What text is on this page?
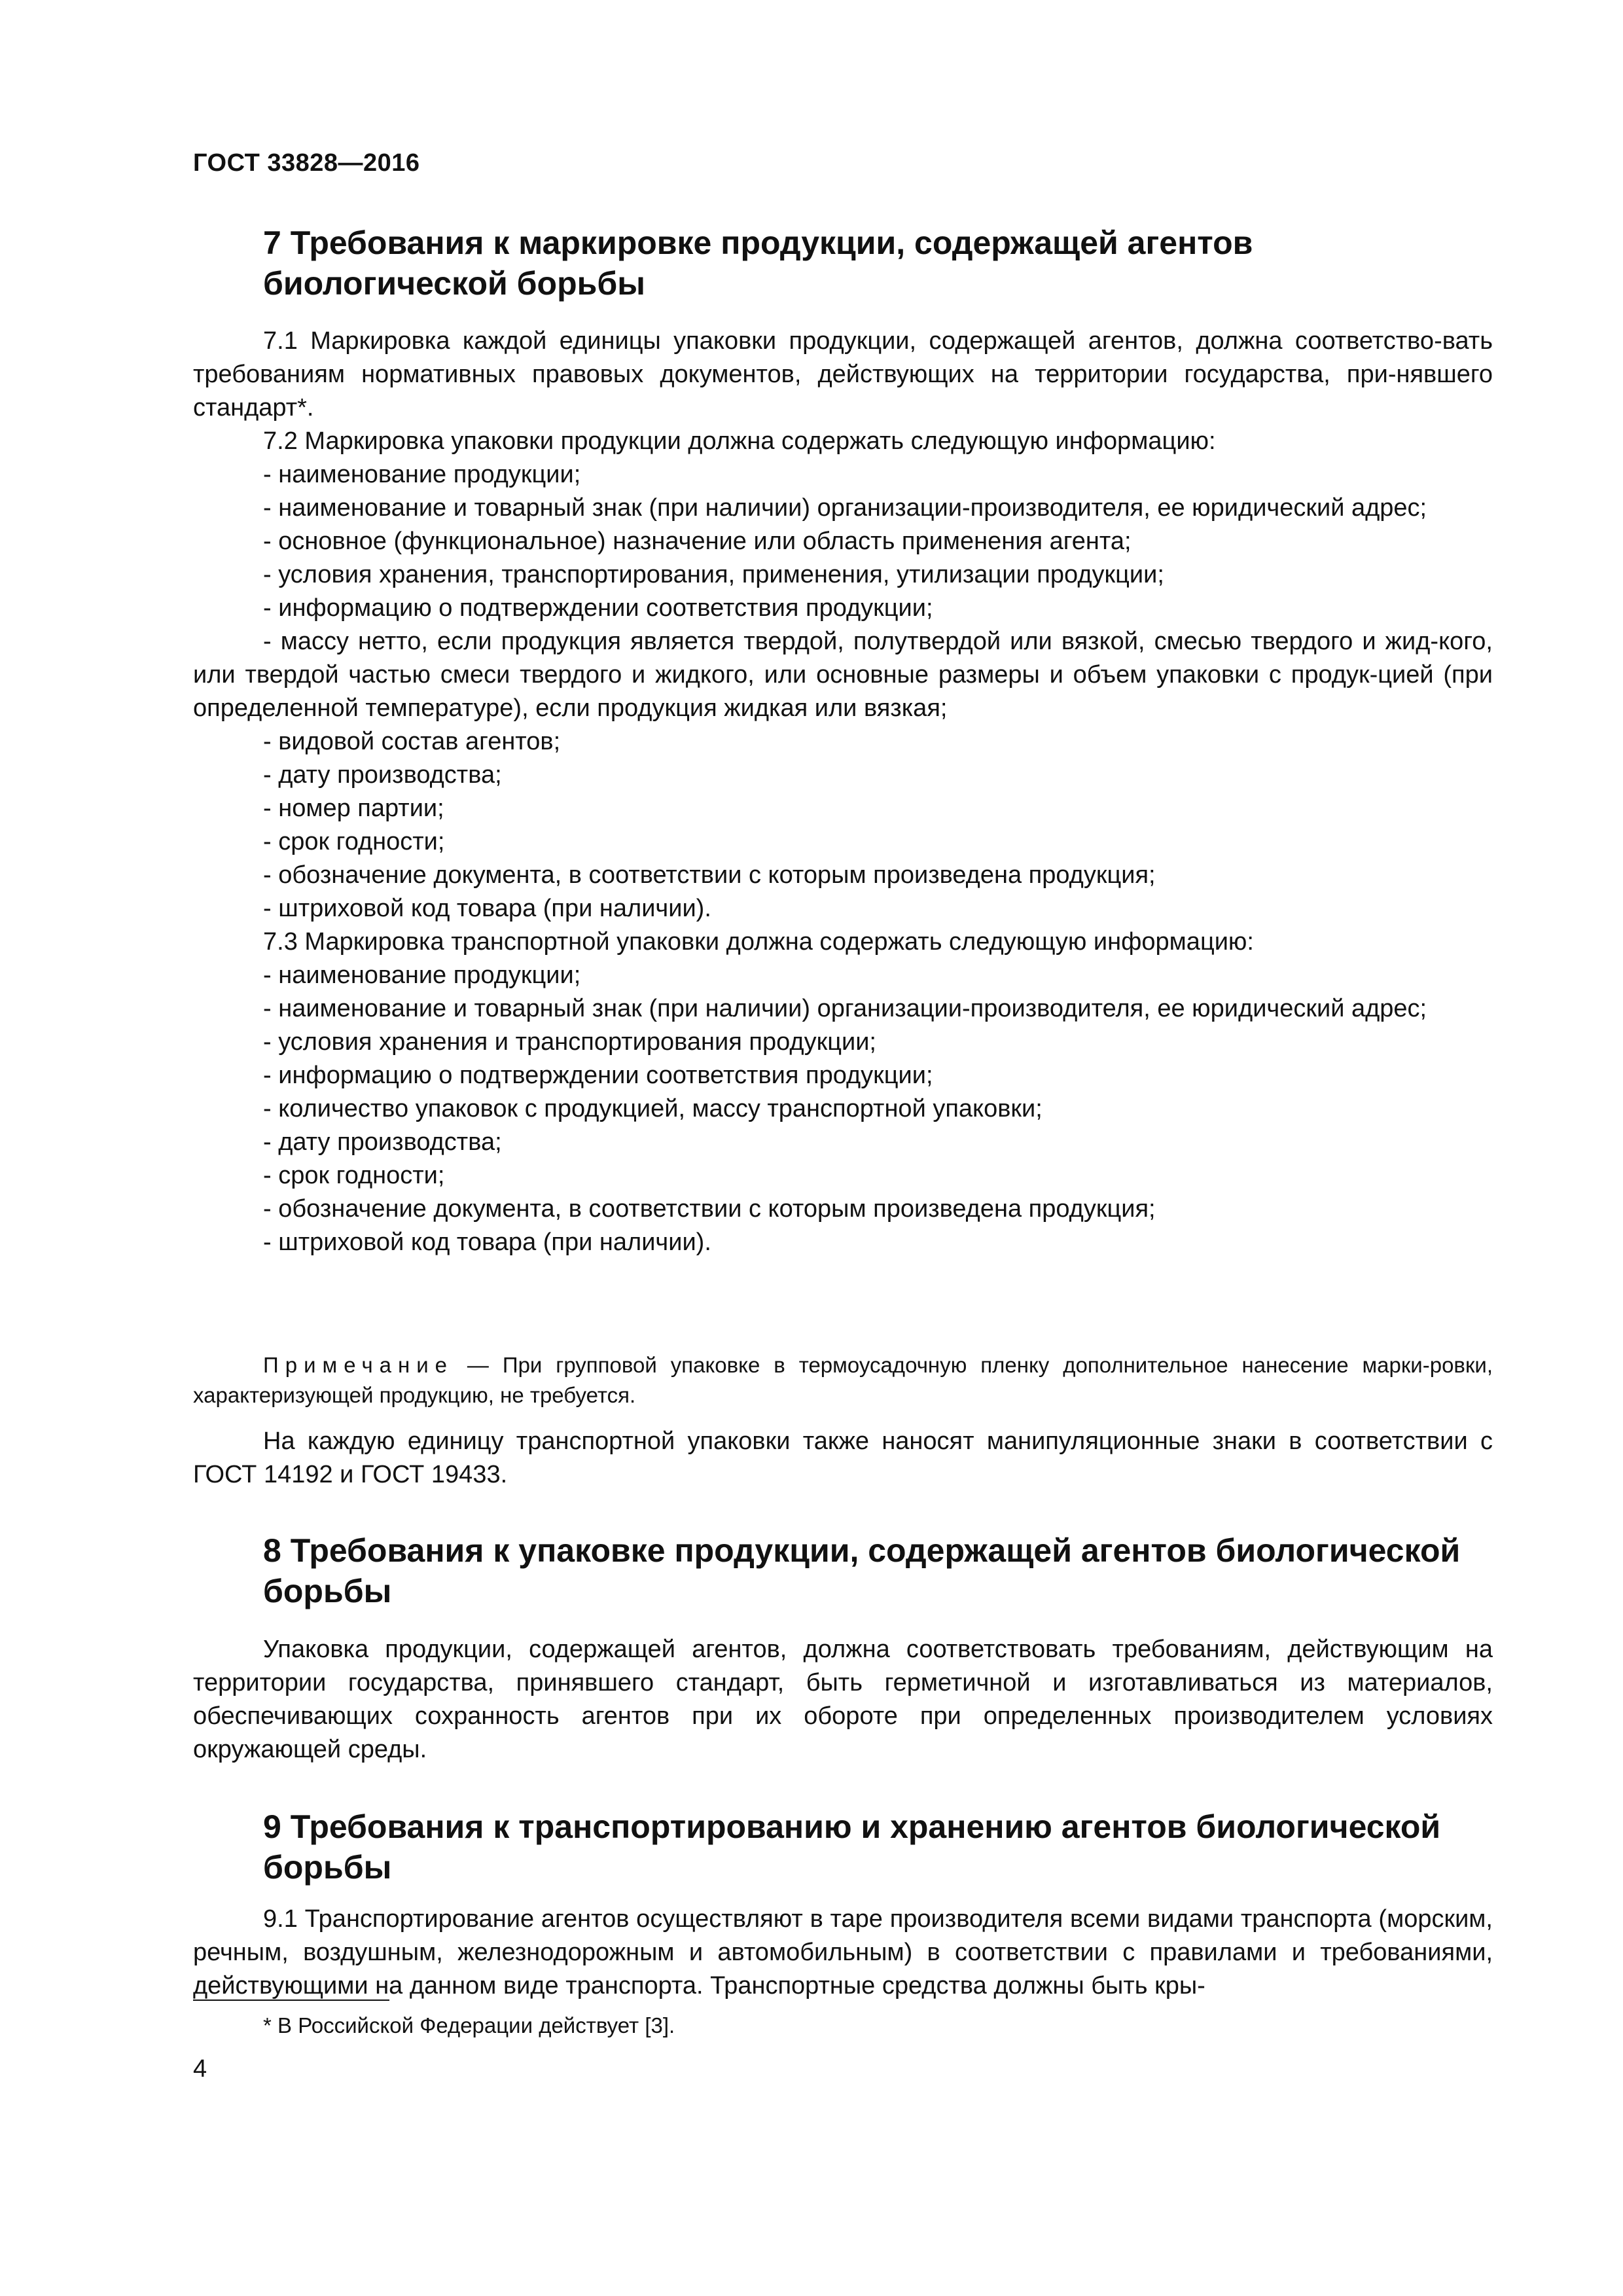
ГОСТ 33828—2016
7 Требования к маркировке продукции, содержащей агентов биологической борьбы

7.1 Маркировка каждой единицы упаковки продукции, содержащей агентов, должна соответство-вать требованиям нормативных правовых документов, действующих на территории государства, при-нявшего стандарт*.

7.2 Маркировка упаковки продукции должна содержать следующую информацию:

- наименование продукции;

- наименование и товарный знак (при наличии) организации-производителя, ее юридический адрес;

- основное (функциональное) назначение или область применения агента;

- условия хранения, транспортирования, применения, утилизации продукции;

- информацию о подтверждении соответствия продукции;

- массу нетто, если продукция является твердой, полутвердой или вязкой, смесью твердого и жид-кого, или твердой частью смеси твердого и жидкого, или основные размеры и объем упаковки с продук-цией (при определенной температуре), если продукция жидкая или вязкая;

- видовой состав агентов;

- дату производства;

- номер партии;

- срок годности;

- обозначение документа, в соответствии с которым произведена продукция;

- штриховой код товара (при наличии).

7.3 Маркировка транспортной упаковки должна содержать следующую информацию:

- наименование продукции;

- наименование и товарный знак (при наличии) организации-производителя, ее юридический адрес;

- условия хранения и транспортирования продукции;

- информацию о подтверждении соответствия продукции;

- количество упаковок с продукцией, массу транспортной упаковки;

- дату производства;

- срок годности;

- обозначение документа, в соответствии с которым произведена продукция;

- штриховой код товара (при наличии).

Примечание — При групповой упаковке в термоусадочную пленку дополнительное нанесение марки-ровки, характеризующей продукцию, не требуется.

На каждую единицу транспортной упаковки также наносят манипуляционные знаки в соответствии с ГОСТ 14192 и ГОСТ 19433.

8 Требования к упаковке продукции, содержащей агентов биологической борьбы

Упаковка продукции, содержащей агентов, должна соответствовать требованиям, действующим на территории государства, принявшего стандарт, быть герметичной и изготавливаться из материалов, обеспечивающих сохранность агентов при их обороте при определенных производителем условиях окружающей среды.

9 Требования к транспортированию и хранению агентов биологической борьбы

9.1 Транспортирование агентов осуществляют в таре производителя всеми видами транспорта (морским, речным, воздушным, железнодорожным и автомобильным) в соответствии с правилами и требованиями, действующими на данном виде транспорта. Транспортные средства должны быть кры-

* В Российской Федерации действует [3].
4
